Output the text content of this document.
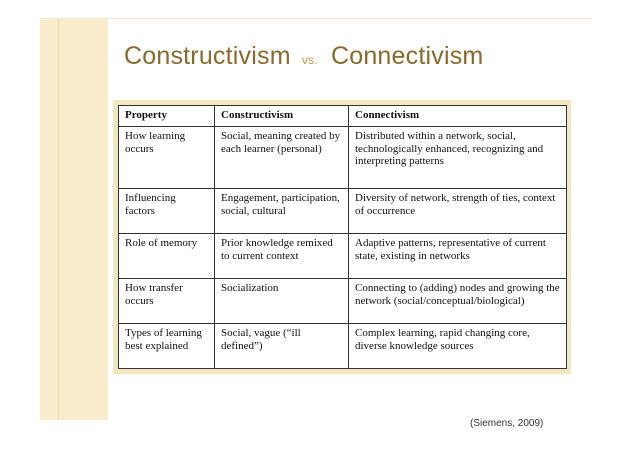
Constructivism vs. Connectivism
Property	Constructivism	Connectivism
How learning occurs	Social, meaning created by each learner (personal)	Distributed within a network, social, technologically enhanced, recognizing and interpreting patterns
Influencing factors	Engagement, participation, social, cultural	Diversity of network, strength of ties, context of occurrence
Role of memory	Prior knowledge remixed to current context	Adaptive patterns, representative of current state, existing in networks
How transfer occurs	Socialization	Connecting to (adding) nodes and growing the network (social/conceptual/biological)
Types of learning best explained	Social, vague (“ill defined”)	Complex learning, rapid changing core, diverse knowledge sources
(Siemens, 2009)
